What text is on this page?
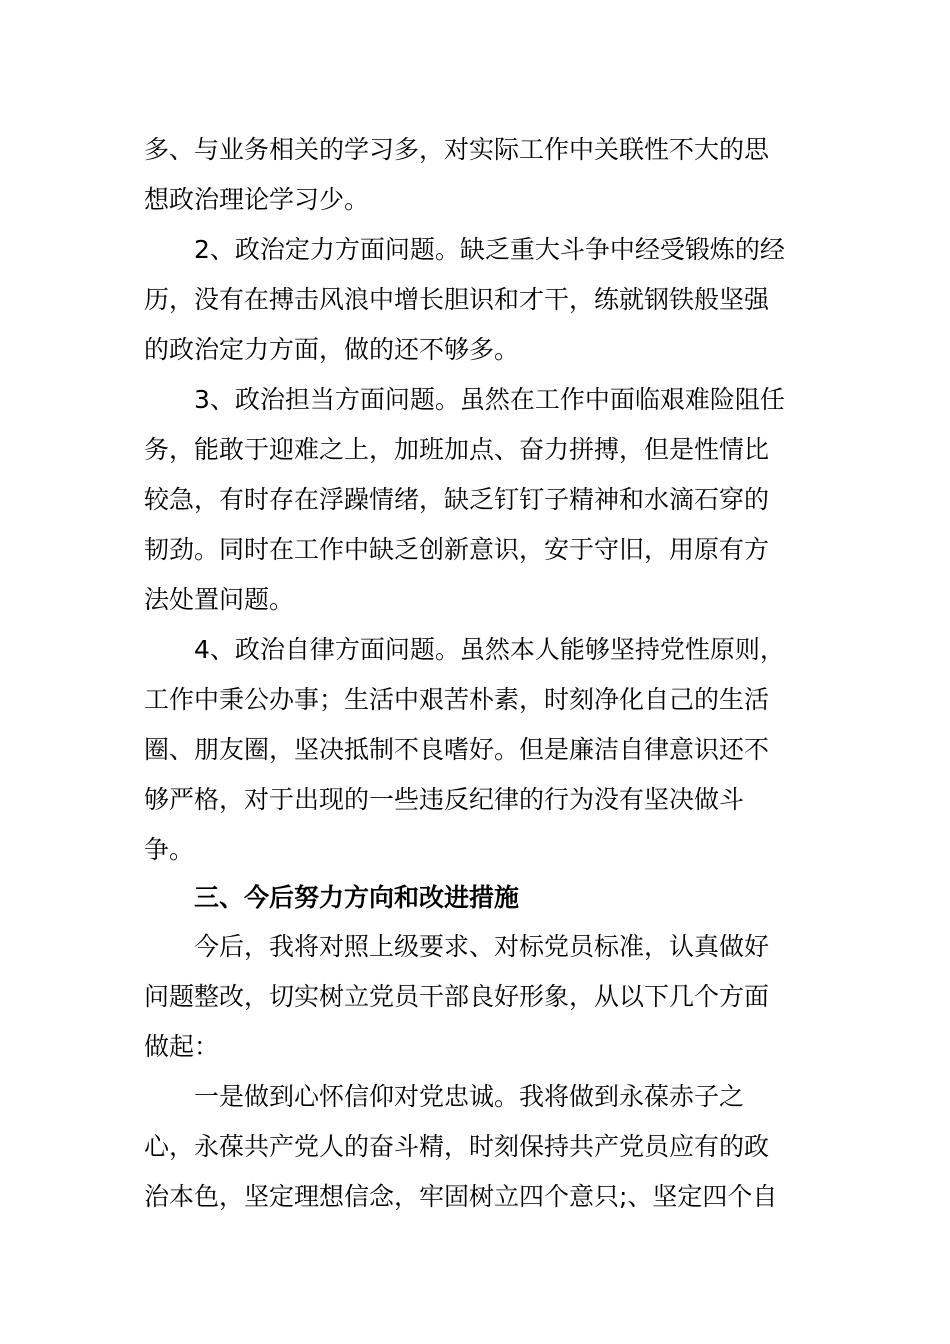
多、与业务相关的学习多，对实际工作中关联性不大的思
想政治理论学习少。
2、政治定力方面问题。缺乏重大斗争中经受锻炼的经
历，没有在搏击风浪中增长胆识和才干，练就钢铁般坚强
的政治定力方面，做的还不够多。
3、政治担当方面问题。虽然在工作中面临艰难险阻任
务，能敢于迎难之上，加班加点、奋力拼搏，但是性情比
较急，有时存在浮躁情绪，缺乏钉钉子精神和水滴石穿的
韧劲。同时在工作中缺乏创新意识，安于守旧，用原有方
法处置问题。
4、政治自律方面问题。虽然本人能够坚持党性原则，
工作中秉公办事；生活中艰苦朴素，时刻净化自己的生活
圈、朋友圈，坚决抵制不良嗜好。但是廉洁自律意识还不
够严格，对于出现的一些违反纪律的行为没有坚决做斗
争。
三、今后努力方向和改进措施
今后，我将对照上级要求、对标党员标准，认真做好
问题整改，切实树立党员干部良好形象，从以下几个方面
做起：
一是做到心怀信仰对党忠诚。我将做到永葆赤子之
心，永葆共产党人的奋斗精，时刻保持共产党员应有的政
治本色，坚定理想信念，牢固树立四个意只;、坚定四个自
